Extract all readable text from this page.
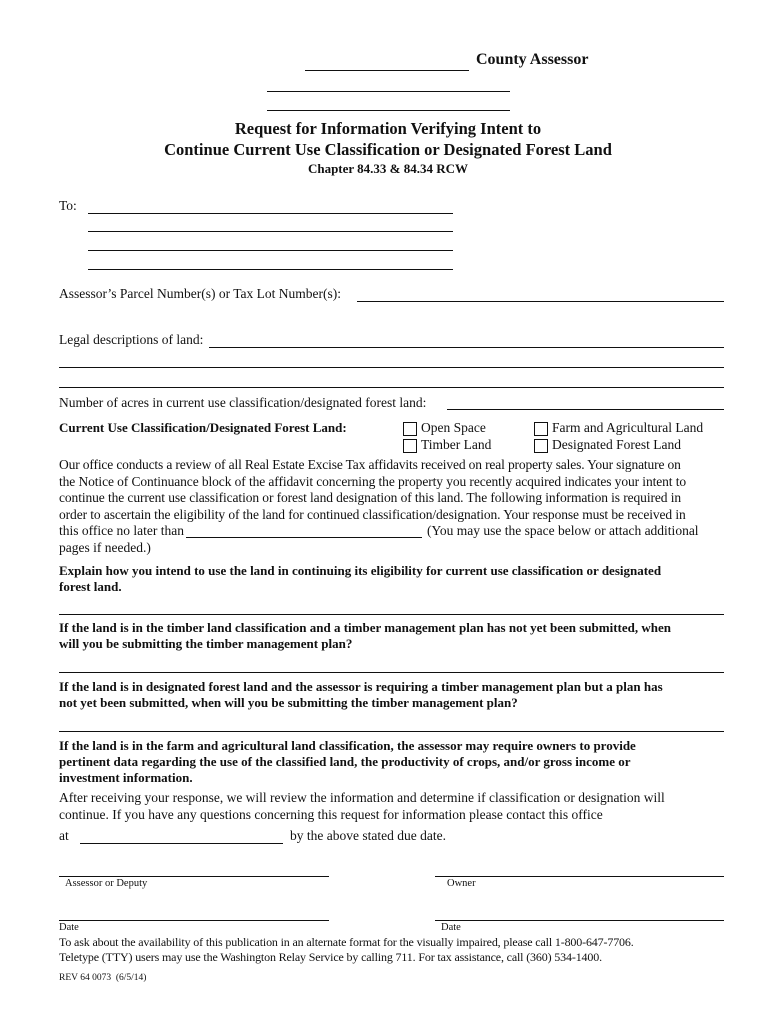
County Assessor
Request for Information Verifying Intent to
Continue Current Use Classification or Designated Forest Land
Chapter 84.33 & 84.34 RCW
To:
Assessor’s Parcel Number(s) or Tax Lot Number(s):
Legal descriptions of land:
Number of acres in current use classification/designated forest land:
Current Use Classification/Designated Forest Land:	Open Space	Farm and Agricultural Land
Timber Land	Designated Forest Land
Our office conducts a review of all Real Estate Excise Tax affidavits received on real property sales. Your signature on
the Notice of Continuance block of the affidavit concerning the property you recently acquired indicates your intent to
continue the current use classification or forest land designation of this land. The following information is required in
order to ascertain the eligibility of the land for continued classification/designation. Your response must be received in
this office no later than	(You may use the space below or attach additional
pages if needed.)
Explain how you intend to use the land in continuing its eligibility for current use classification or designated
forest land.
If the land is in the timber land classification and a timber management plan has not yet been submitted, when
will you be submitting the timber management plan?
If the land is in designated forest land and the assessor is requiring a timber management plan but a plan has
not yet been submitted, when will you be submitting the timber management plan?
If the land is in the farm and agricultural land classification, the assessor may require owners to provide
pertinent data regarding the use of the classified land, the productivity of crops, and/or gross income or
investment information.
After receiving your response, we will review the information and determine if classification or designation will
continue. If you have any questions concerning this request for information please contact this office
at	by the above stated due date.
Assessor or Deputy	Owner
Date	Date
To ask about the availability of this publication in an alternate format for the visually impaired, please call 1-800-647-7706.
Teletype (TTY) users may use the Washington Relay Service by calling 711. For tax assistance, call (360) 534-1400.
REV 64 0073  (6/5/14)
